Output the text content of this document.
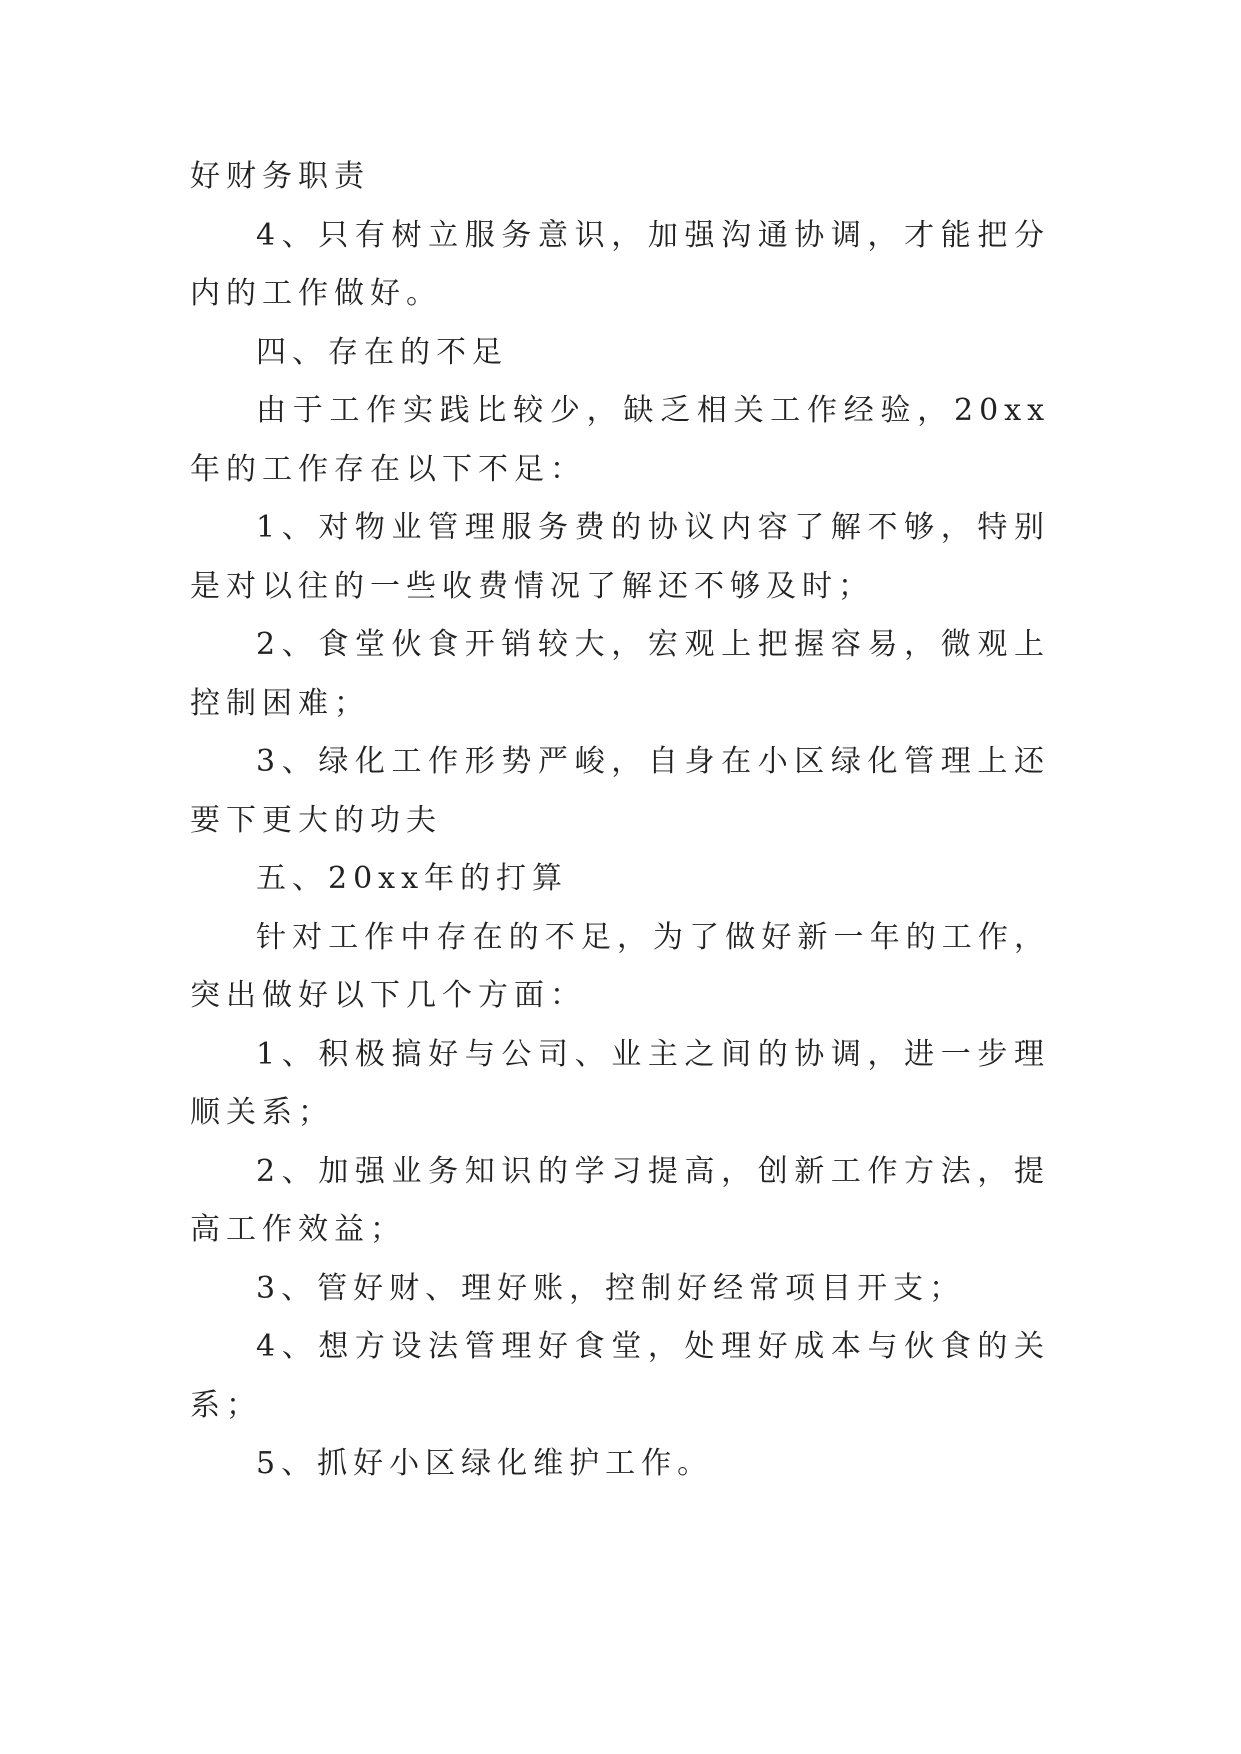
好财务职责

4、只有树立服务意识，加强沟通协调，才能把分内的工作做好。

四、存在的不足

由于工作实践比较少，缺乏相关工作经验，20xx年的工作存在以下不足：

1、对物业管理服务费的协议内容了解不够，特别是对以往的一些收费情况了解还不够及时；

2、食堂伙食开销较大，宏观上把握容易，微观上控制困难；

3、绿化工作形势严峻，自身在小区绿化管理上还要下更大的功夫

五、20xx年的打算

针对工作中存在的不足，为了做好新一年的工作，突出做好以下几个方面：

1、积极搞好与公司、业主之间的协调，进一步理顺关系；

2、加强业务知识的学习提高，创新工作方法，提高工作效益；

3、管好财、理好账，控制好经常项目开支；

4、想方设法管理好食堂，处理好成本与伙食的关系；

5、抓好小区绿化维护工作。
